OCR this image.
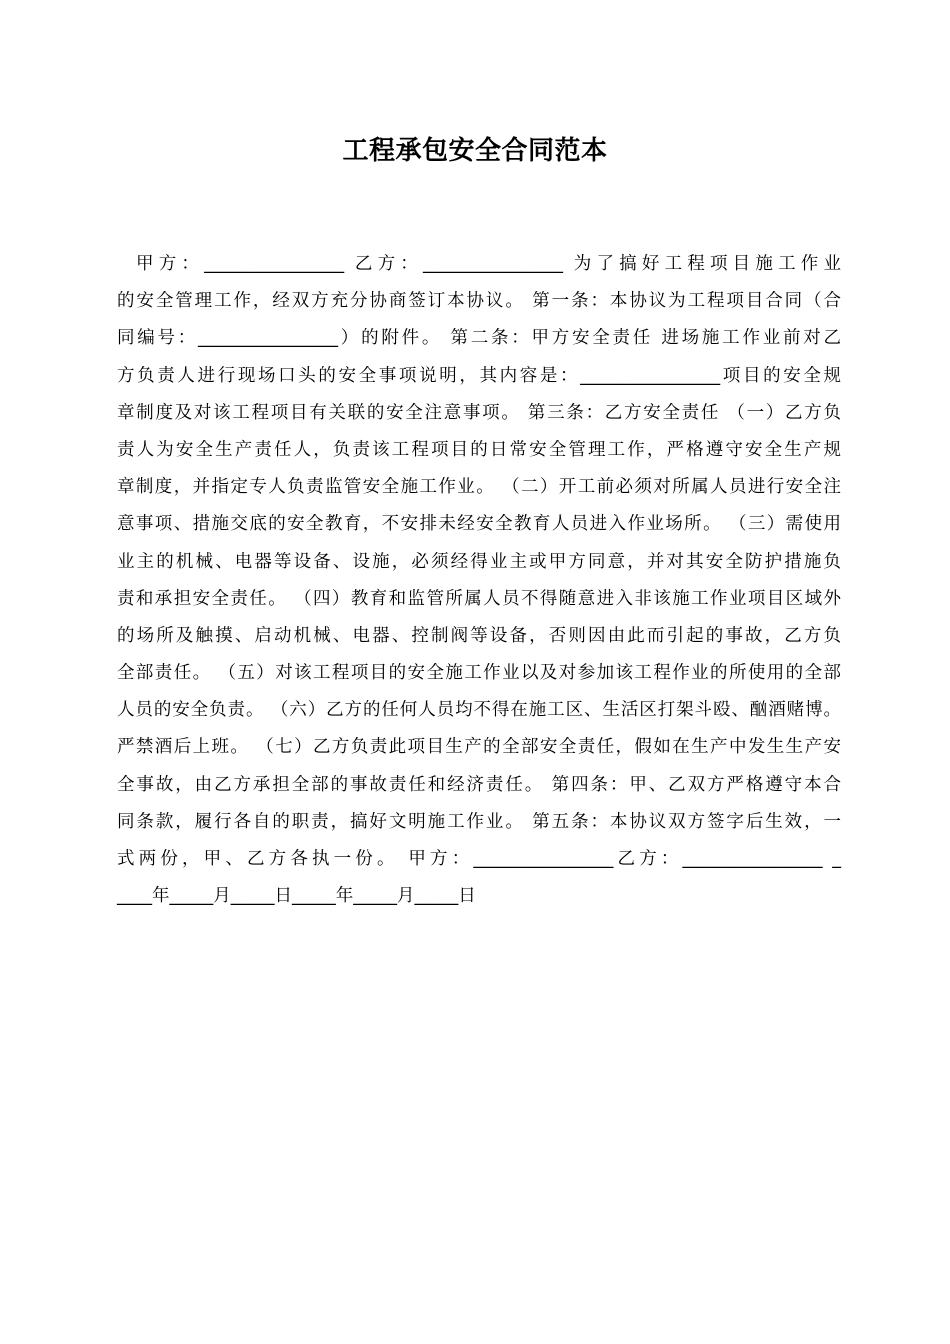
工程承包安全合同范本
甲方：________________ 乙方：________________ 为了搞好工程项目施工作业
的安全管理工作，经双方充分协商签订本协议。 第一条：本协议为工程项目合同（合
同编号：________________）的附件。 第二条：甲方安全责任 进场施工作业前对乙
方负责人进行现场口头的安全事项说明，其内容是：________________项目的安全规
章制度及对该工程项目有关联的安全注意事项。 第三条：乙方安全责任 （一）乙方负
责人为安全生产责任人，负责该工程项目的日常安全管理工作，严格遵守安全生产规
章制度，并指定专人负责监管安全施工作业。 （二）开工前必须对所属人员进行安全注
意事项、措施交底的安全教育，不安排未经安全教育人员进入作业场所。 （三）需使用
业主的机械、电器等设备、设施，必须经得业主或甲方同意，并对其安全防护措施负
责和承担安全责任。 （四）教育和监管所属人员不得随意进入非该施工作业项目区域外
的场所及触摸、启动机械、电器、控制阀等设备，否则因由此而引起的事故，乙方负
全部责任。 （五）对该工程项目的安全施工作业以及对参加该工程作业的所使用的全部
人员的安全负责。 （六）乙方的任何人员均不得在施工区、生活区打架斗殴、酗酒赌博。
严禁酒后上班。 （七）乙方负责此项目生产的全部安全责任，假如在生产中发生生产安
全事故，由乙方承担全部的事故责任和经济责任。 第四条：甲、乙双方严格遵守本合
同条款，履行各自的职责，搞好文明施工作业。 第五条：本协议双方签字后生效，一
式两份，甲、乙方各执一份。 甲方：________________乙方：________________ _
____年_____月_____日_____年_____月_____日
